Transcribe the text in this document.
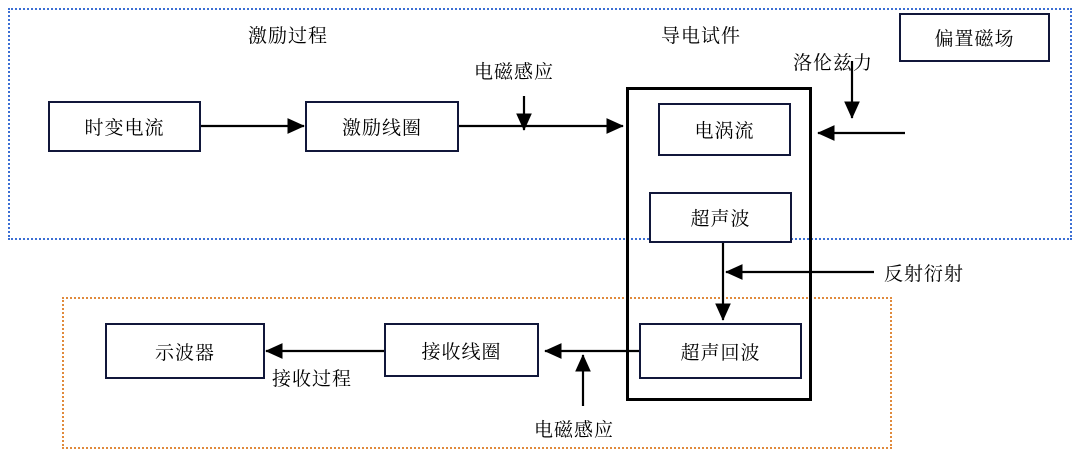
时变电流	激励线圈	电涡流
超声波
偏置磁场
超声回波
接收线圈
示波器
激励过程	导电试件
电磁感应	洛伦兹力
反射衍射
接收过程
电磁感应
